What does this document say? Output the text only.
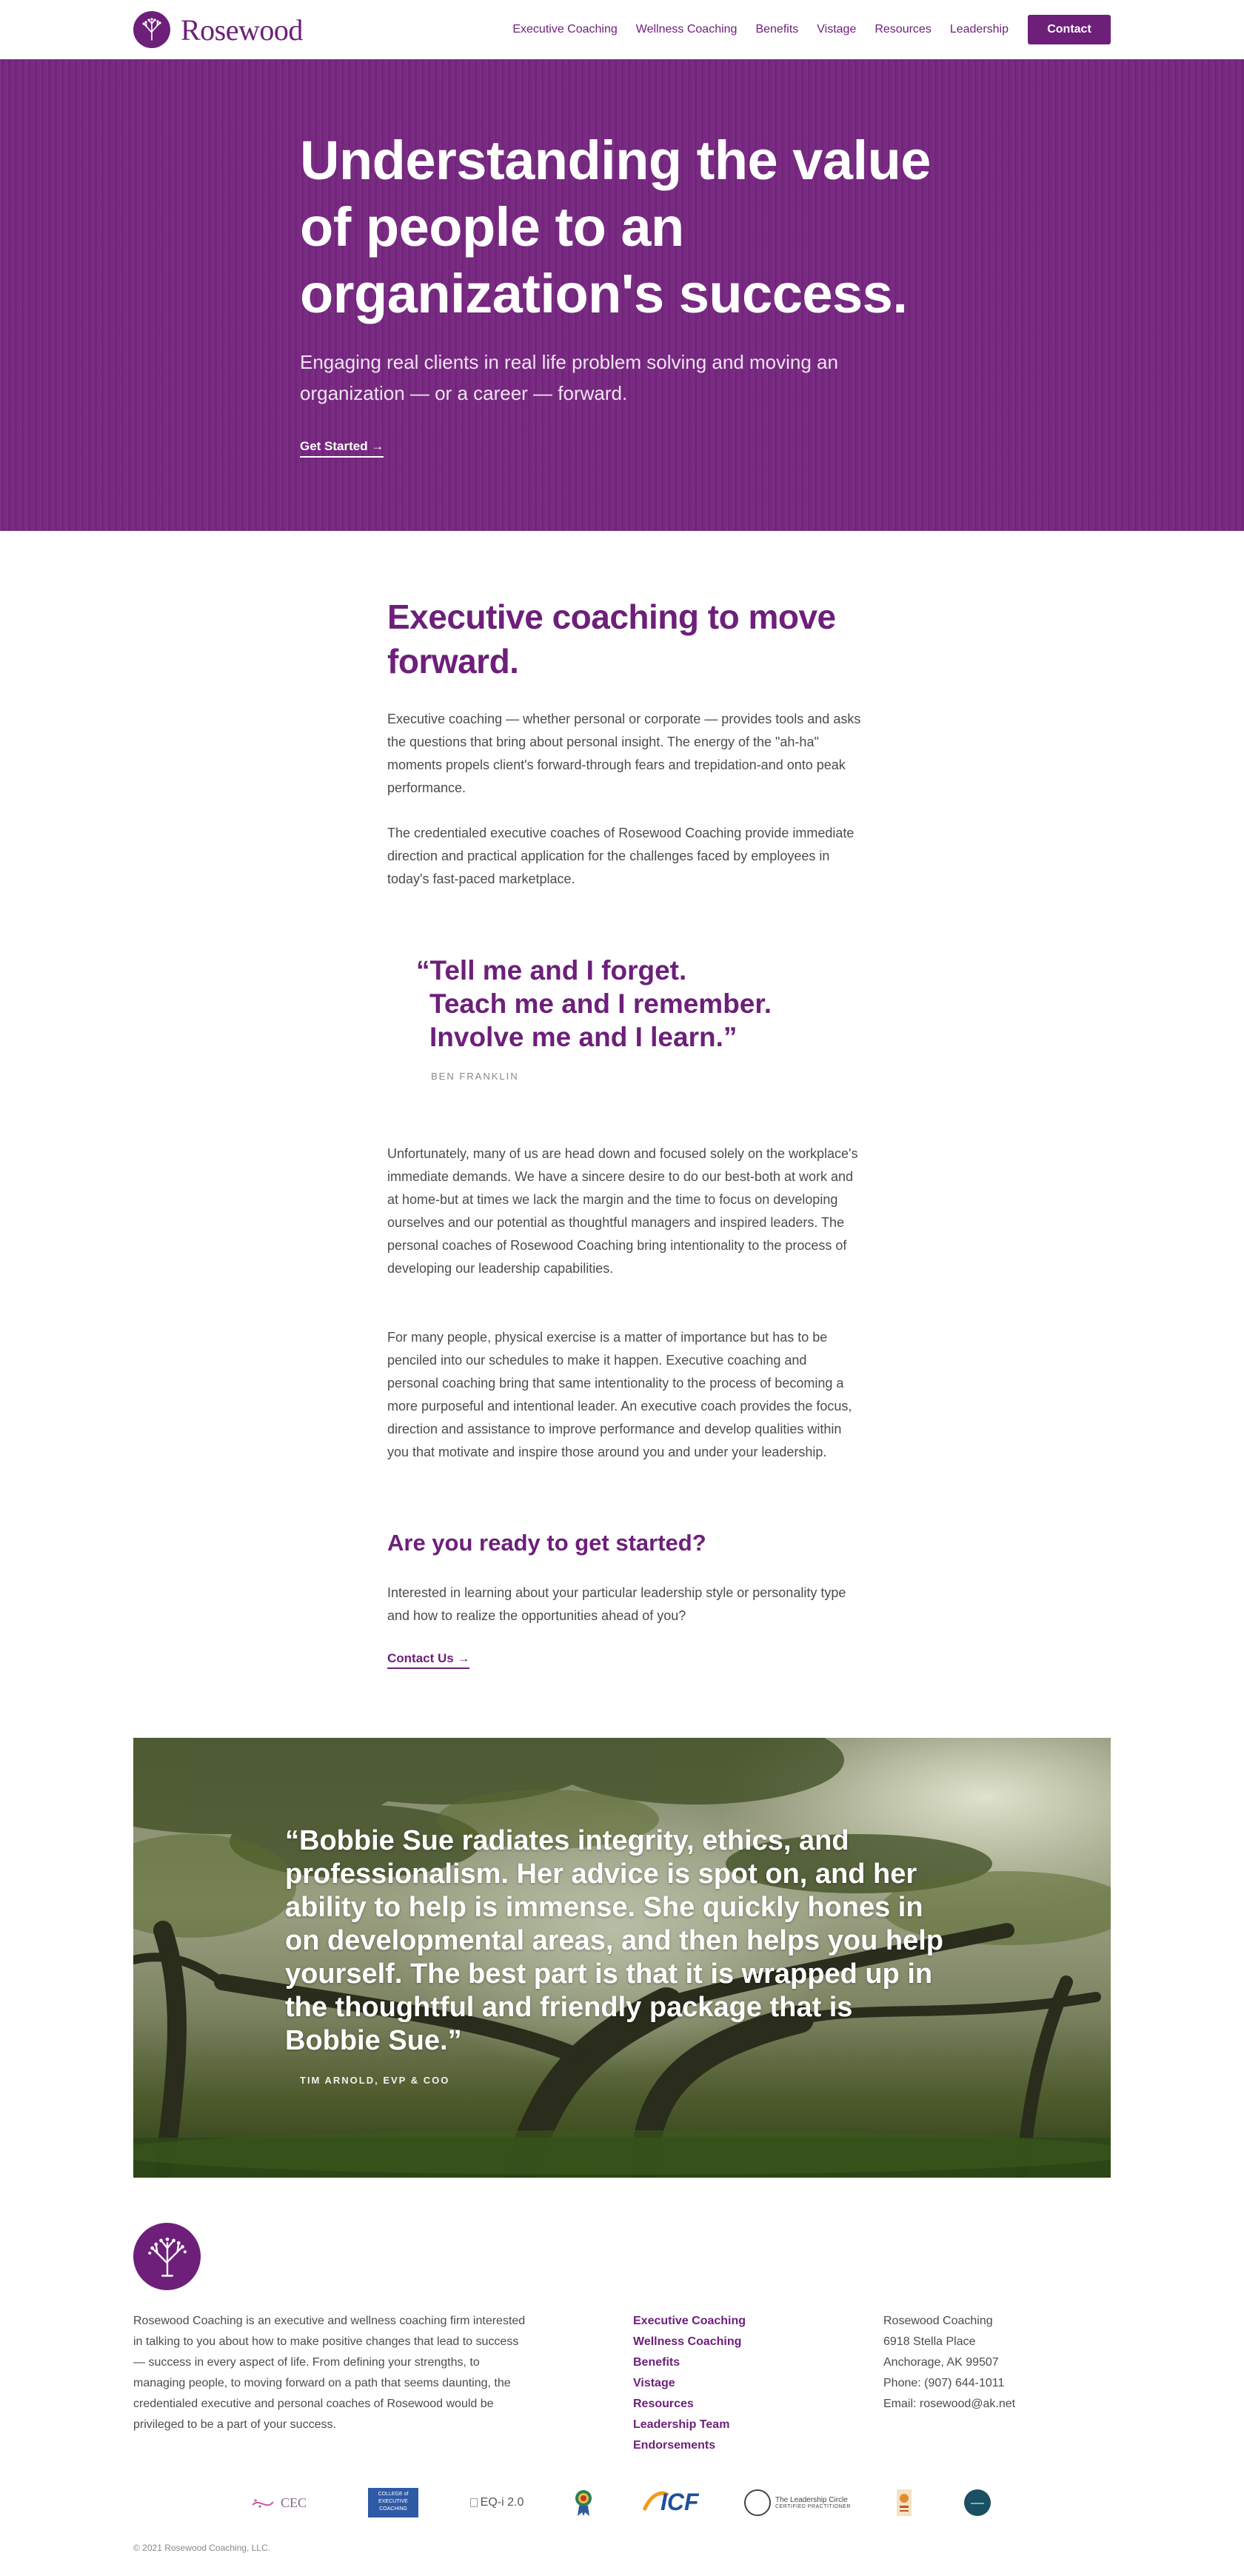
Rosewood	Executive Coaching Wellness Coaching Benefits Vistage Resources Leadership	Contact
Understanding the value of people to an organization's success.

Engaging real clients in real life problem solving and moving an organization — or a career — forward.

Get Started →
Executive coaching to move forward.

Executive coaching — whether personal or corporate — provides tools and asks the questions that bring about personal insight. The energy of the "ah-ha" moments propels client's forward-through fears and trepidation-and onto peak performance.

The credentialed executive coaches of Rosewood Coaching provide immediate direction and practical application for the challenges faced by employees in today's fast-paced marketplace.

“Tell me and I forget.
Teach me and I remember.
Involve me and I learn.”
BEN FRANKLIN

Unfortunately, many of us are head down and focused solely on the workplace's immediate demands. We have a sincere desire to do our best-both at work and at home-but at times we lack the margin and the time to focus on developing ourselves and our potential as thoughtful managers and inspired leaders. The personal coaches of Rosewood Coaching bring intentionality to the process of developing our leadership capabilities.

For many people, physical exercise is a matter of importance but has to be penciled into our schedules to make it happen. Executive coaching and personal coaching bring that same intentionality to the process of becoming a more purposeful and intentional leader. An executive coach provides the focus, direction and assistance to improve performance and develop qualities within you that motivate and inspire those around you and under your leadership.

Are you ready to get started?

Interested in learning about your particular leadership style or personality type and how to realize the opportunities ahead of you?

Contact Us →

“Bobbie Sue radiates integrity, ethics, and professionalism. Her advice is spot on, and her ability to help is immense. She quickly hones in on developmental areas, and then helps you help yourself. The best part is that it is wrapped up in the thoughtful and friendly package that is Bobbie Sue.”

TIM ARNOLD, EVP & COO

Rosewood Coaching is an executive and wellness coaching firm interested in talking to you about how to make positive changes that lead to success — success in every aspect of life. From defining your strengths, to managing people, to moving forward on a path that seems daunting, the credentialed executive and personal coaches of Rosewood would be privileged to be a part of your success.

Executive Coaching
Wellness Coaching
Benefits
Vistage
Resources
Leadership Team
Endorsements
Rosewood Coaching
6918 Stella Place
Anchorage, AK 99507
Phone: (907) 644-1011
Email: rosewood@ak.net
CEC
COLLEGE of
EXECUTIVE
COACHING
EQ-i 2.0	ICF	The Leadership Circle
CERTIFIED PRACTITIONER
© 2021 Rosewood Coaching, LLC.
